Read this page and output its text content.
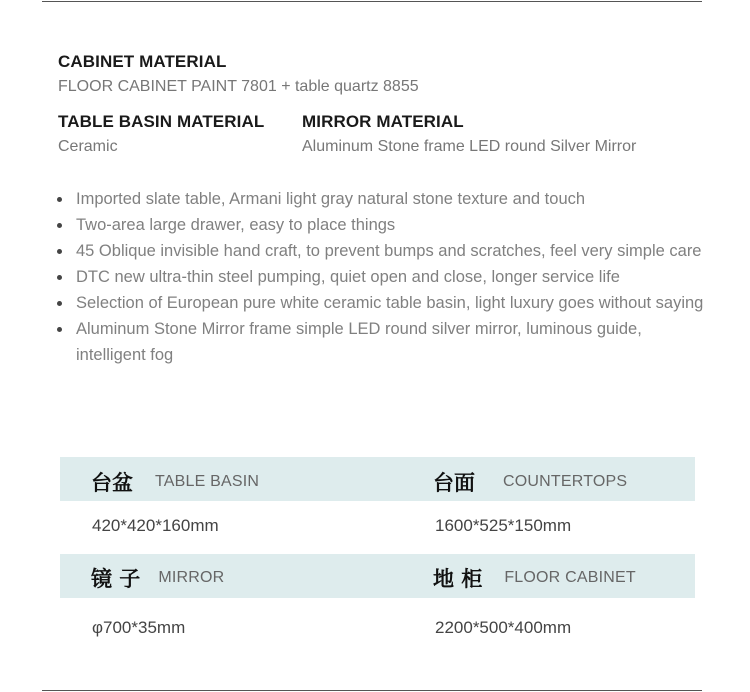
CABINET MATERIAL
FLOOR CABINET PAINT 7801 + table quartz 8855
TABLE BASIN MATERIAL
Ceramic
MIRROR MATERIAL
Aluminum Stone frame LED round Silver Mirror
Imported slate table, Armani light gray natural stone texture and touch
Two-area large drawer, easy to place things
45 Oblique invisible hand craft, to prevent bumps and scratches, feel very simple care
DTC new ultra-thin steel pumping, quiet open and close, longer service life
Selection of European pure white ceramic table basin, light luxury goes without saying
Aluminum Stone Mirror frame simple LED round silver mirror, luminous guide, intelligent fog
台盆 TABLE BASIN	台面 COUNTERTOPS
420*420*160mm	1600*525*150mm
镜 子 MIRROR	地 柜 FLOOR CABINET
φ700*35mm	2200*500*400mm
